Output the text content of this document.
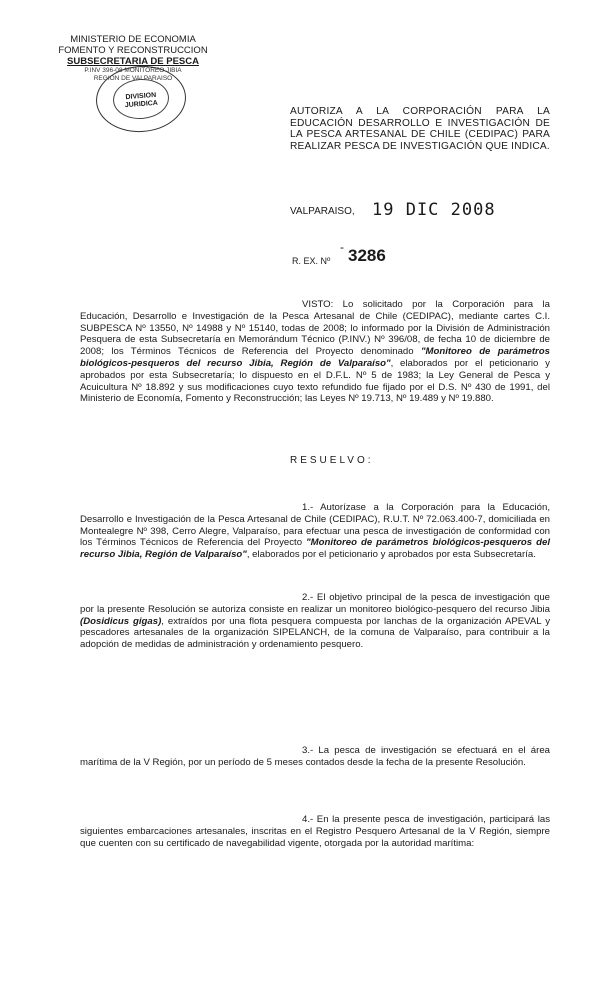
MINISTERIO DE ECONOMIA
FOMENTO Y RECONSTRUCCION
SUBSECRETARIA DE PESCA
P.INV 396-08 MONITOREO JIBIA
REGION DE VALPARAISO
DIVISION
JURIDICA
AUTORIZA A LA CORPORACIÓN PARA LA EDUCACIÓN DESARROLLO E INVESTIGACIÓN DE LA PESCA ARTESANAL DE CHILE (CEDIPAC) PARA REALIZAR PESCA DE INVESTIGACIÓN QUE INDICA.
VALPARAISO, 19 DIC 2008
-
R. EX. Nº 3286
VISTO: Lo solicitado por la Corporación para la Educación, Desarrollo e Investigación de la Pesca Artesanal de Chile (CEDIPAC), mediante cartes C.I. SUBPESCA Nº 13550, Nº 14988 y Nº 15140, todas de 2008; lo informado por la División de Administración Pesquera de esta Subsecretaría en Memorándum Técnico (P.INV.) Nº 396/08, de fecha 10 de diciembre de 2008; los Términos Técnicos de Referencia del Proyecto denominado "Monitoreo de parámetros biológicos-pesqueros del recurso Jibia, Región de Valparaíso", elaborados por el peticionario y aprobados por esta Subsecretaría; lo dispuesto en el D.F.L. Nº 5 de 1983; la Ley General de Pesca y Acuicultura Nº 18.892 y sus modificaciones cuyo texto refundido fue fijado por el D.S. Nº 430 de 1991, del Ministerio de Economía, Fomento y Reconstrucción; las Leyes Nº 19.713, Nº 19.489 y Nº 19.880.
RESUELVO:
1.- Autorízase a la Corporación para la Educación, Desarrollo e Investigación de la Pesca Artesanal de Chile (CEDIPAC), R.U.T. Nº 72.063.400-7, domiciliada en Montealegre Nº 398, Cerro Alegre, Valparaíso, para efectuar una pesca de investigación de conformidad con los Términos Técnicos de Referencia del Proyecto "Monitoreo de parámetros biológicos-pesqueros del recurso Jibia, Región de Valparaíso", elaborados por el peticionario y aprobados por esta Subsecretaría.
2.- El objetivo principal de la pesca de investigación que por la presente Resolución se autoriza consiste en realizar un monitoreo biológico-pesquero del recurso Jibia (Dosidicus gigas), extraídos por una flota pesquera compuesta por lanchas de la organización APEVAL y pescadores artesanales de la organización SIPELANCH, de la comuna de Valparaíso, para contribuir a la adopción de medidas de administración y ordenamiento pesquero.
3.- La pesca de investigación se efectuará en el área marítima de la V Región, por un período de 5 meses contados desde la fecha de la presente Resolución.
4.- En la presente pesca de investigación, participará las siguientes embarcaciones artesanales, inscritas en el Registro Pesquero Artesanal de la V Región, siempre que cuenten con su certificado de navegabilidad vigente, otorgada por la autoridad marítima:
